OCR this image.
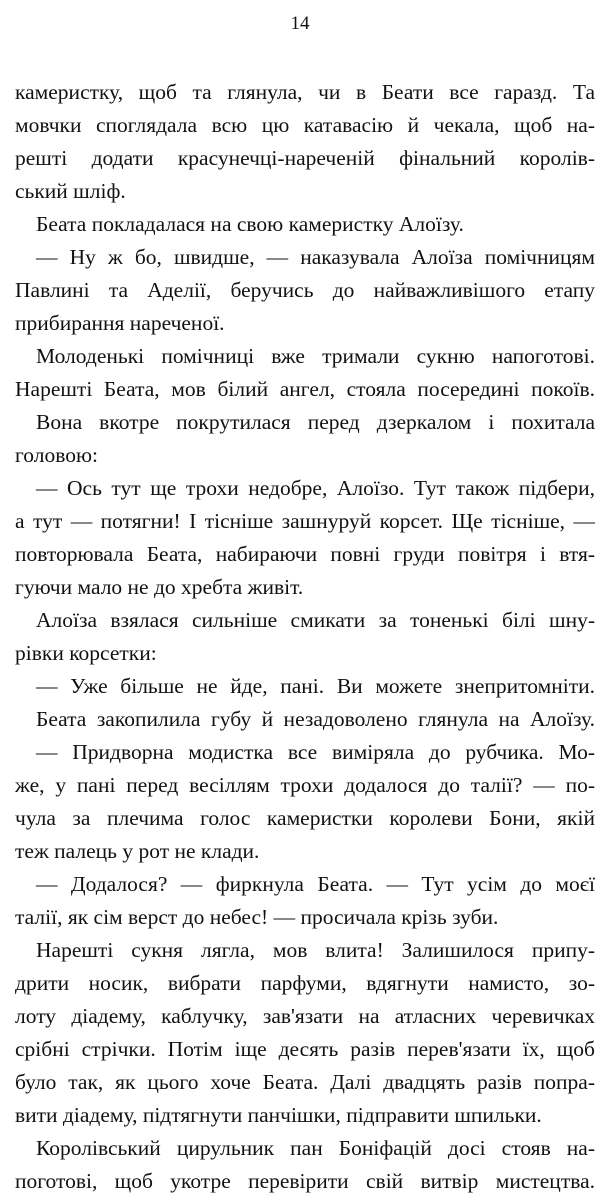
14
камеристку, щоб та глянула, чи в Беати все гаразд. Та
мовчки споглядала всю цю катавасію й чекала, щоб на-
решті додати красунечці-нареченій фінальний королів-
ський шліф.
Беата покладалася на свою камеристку Алоїзу.
— Ну ж бо, швидше, — наказувала Алоїза помічницям
Павлині та Аделії, беручись до найважливішого етапу
прибирання нареченої.
Молоденькі помічниці вже тримали сукню напоготові.
Нарешті Беата, мов білий ангел, стояла посередині покоїв.
Вона вкотре покрутилася перед дзеркалом і похитала
головою:
— Ось тут ще трохи недобре, Алоїзо. Тут також підбери,
а тут — потягни! І тісніше зашнуруй корсет. Ще тісніше, —
повторювала Беата, набираючи повні груди повітря і втя-
гуючи мало не до хребта живіт.
Алоїза взялася сильніше смикати за тоненькі білі шну-
рівки корсетки:
— Уже більше не йде, пані. Ви можете знепритомніти.
Беата закопилила губу й незадоволено глянула на Алоїзу.
— Придворна модистка все виміряла до рубчика. Мо-
же, у пані перед весіллям трохи додалося до талії? — по-
чула за плечима голос камеристки королеви Бони, якій
теж палець у рот не клади.
— Додалося? — фиркнула Беата. — Тут усім до моєї
талії, як сім верст до небес! — просичала крізь зуби.
Нарешті сукня лягла, мов влита! Залишилося припу-
дрити носик, вибрати парфуми, вдягнути намисто, зо-
лоту діадему, каблучку, зав'язати на атласних черевичках
срібні стрічки. Потім іще десять разів перев'язати їх, щоб
було так, як цього хоче Беата. Далі двадцять разів попра-
вити діадему, підтягнути панчішки, підправити шпильки.
Королівський цирульник пан Боніфацій досі стояв на-
поготові, щоб укотре перевірити свій витвір мистецтва.
